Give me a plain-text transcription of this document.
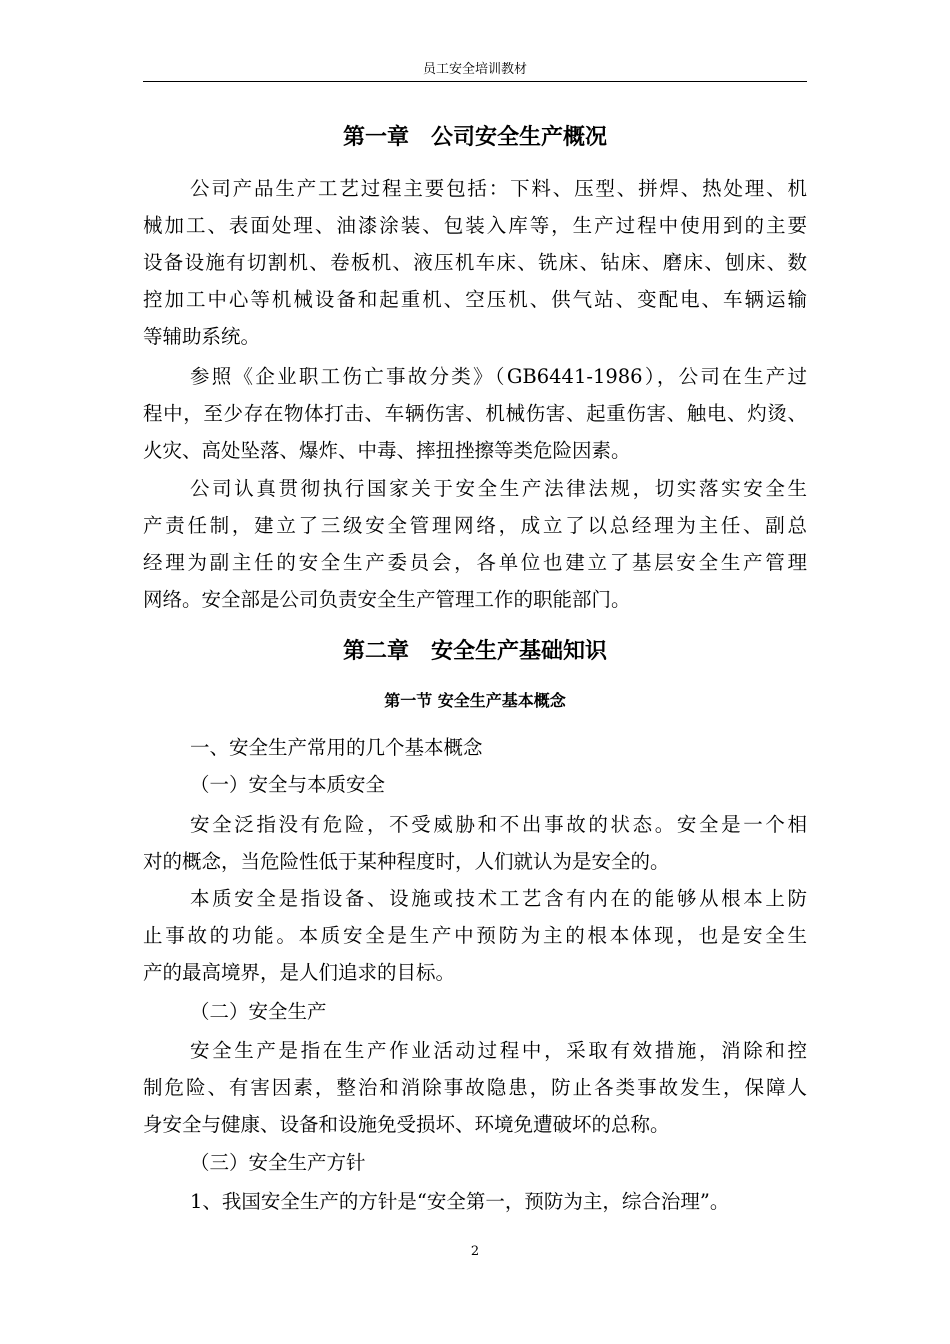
员工安全培训教材
第一章　公司安全生产概况
公司产品生产工艺过程主要包括：下料、压型、拼焊、热处理、机
械加工、表面处理、油漆涂装、包装入库等，生产过程中使用到的主要
设备设施有切割机、卷板机、液压机车床、铣床、钻床、磨床、刨床、数
控加工中心等机械设备和起重机、空压机、供气站、变配电、车辆运输
等辅助系统。
参照《企业职工伤亡事故分类》（GB6441-1986），公司在生产过
程中，至少存在物体打击、车辆伤害、机械伤害、起重伤害、触电、灼烫、
火灾、高处坠落、爆炸、中毒、摔扭挫擦等类危险因素。
公司认真贯彻执行国家关于安全生产法律法规，切实落实安全生
产责任制，建立了三级安全管理网络，成立了以总经理为主任、副总
经理为副主任的安全生产委员会，各单位也建立了基层安全生产管理
网络。安全部是公司负责安全生产管理工作的职能部门。
第二章　安全生产基础知识
第一节 安全生产基本概念
一、安全生产常用的几个基本概念
（一）安全与本质安全
安全泛指没有危险，不受威胁和不出事故的状态。安全是一个相
对的概念，当危险性低于某种程度时，人们就认为是安全的。
本质安全是指设备、设施或技术工艺含有内在的能够从根本上防
止事故的功能。本质安全是生产中预防为主的根本体现，也是安全生
产的最高境界，是人们追求的目标。
（二）安全生产
安全生产是指在生产作业活动过程中，采取有效措施，消除和控
制危险、有害因素，整治和消除事故隐患，防止各类事故发生，保障人
身安全与健康、设备和设施免受损坏、环境免遭破坏的总称。
（三）安全生产方针
1、我国安全生产的方针是“安全第一，预防为主，综合治理”。
2
